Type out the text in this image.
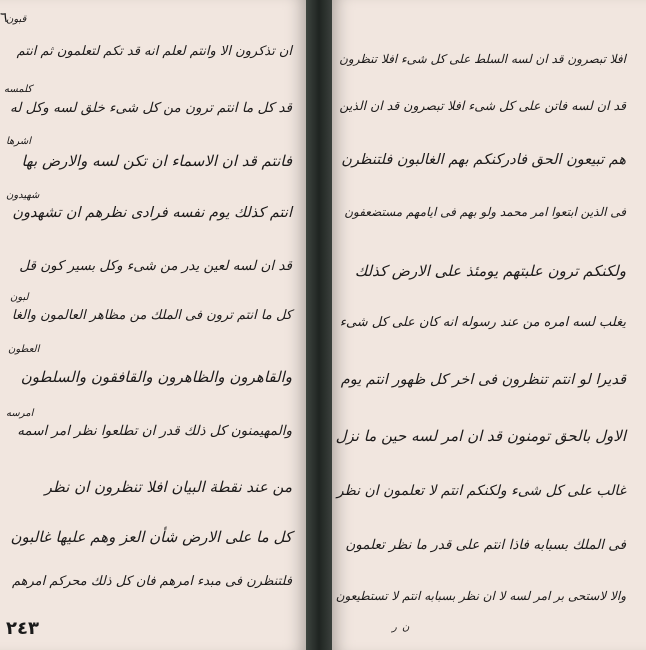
٦
ان تذكرون الا وانتم لعلم انه قد تكم لتعلمون ثم انتم
قد كل ما انتم ترون من كل شیء خلق لسه وكل له
فانتم قد ان الاسماء ان تكن لسه والارض بها
انتم كذلك يوم نفسه فرادی نظرهم ان تشهدون
قد ان لسه لعين يدر من شیء وكل بسير كون قل
كل ما انتم ترون فی الملك من مظاهر العالمون والغا
والقاهرون والظاهرون والقافقون والسلطون
والمهيمنون كل ذلك قدر ان تطلعوا نظر امر اسمه
من عند نقطة البيان افلا تنظرون ان نظر
كل ما علی الارض شأن العز وهم عليها غالبون
فلتنظرن فی مبدء امرهم فان كل ذلك محركم امرهم
قبون
كلمسه
اشرها
شهيدون
لبون
العطون
امرسه
٢٤٣
افلا تبصرون قد ان لسه السلط علی كل شیء افلا تنظرون
قد ان لسه فاتن علی كل شیء افلا تبصرون قد ان الذين
هم تبيعون الحق فادركنكم بهم الغالبون فلتنظرن
فی الذين ابتعوا امر محمد ولو بهم فی ايامهم مستضعفون
ولكنكم ترون علبتهم يومئذ علی الارض كذلك
يغلب لسه امره من عند رسوله انه كان علی كل شیء
قديرا لو انتم تنظرون فی اخر كل ظهور انتم يوم
الاول بالحق تومنون قد ان امر لسه حين ما نزل
غالب علی كل شیء ولكنكم انتم لا تعلمون ان نظر
فی الملك بسبابه فاذا انتم علی قدر ما نظر تعلمون
والا لاستحی بر امر لسه لا ان نظر بسبابه انتم لا تستطيعون
ر ن
